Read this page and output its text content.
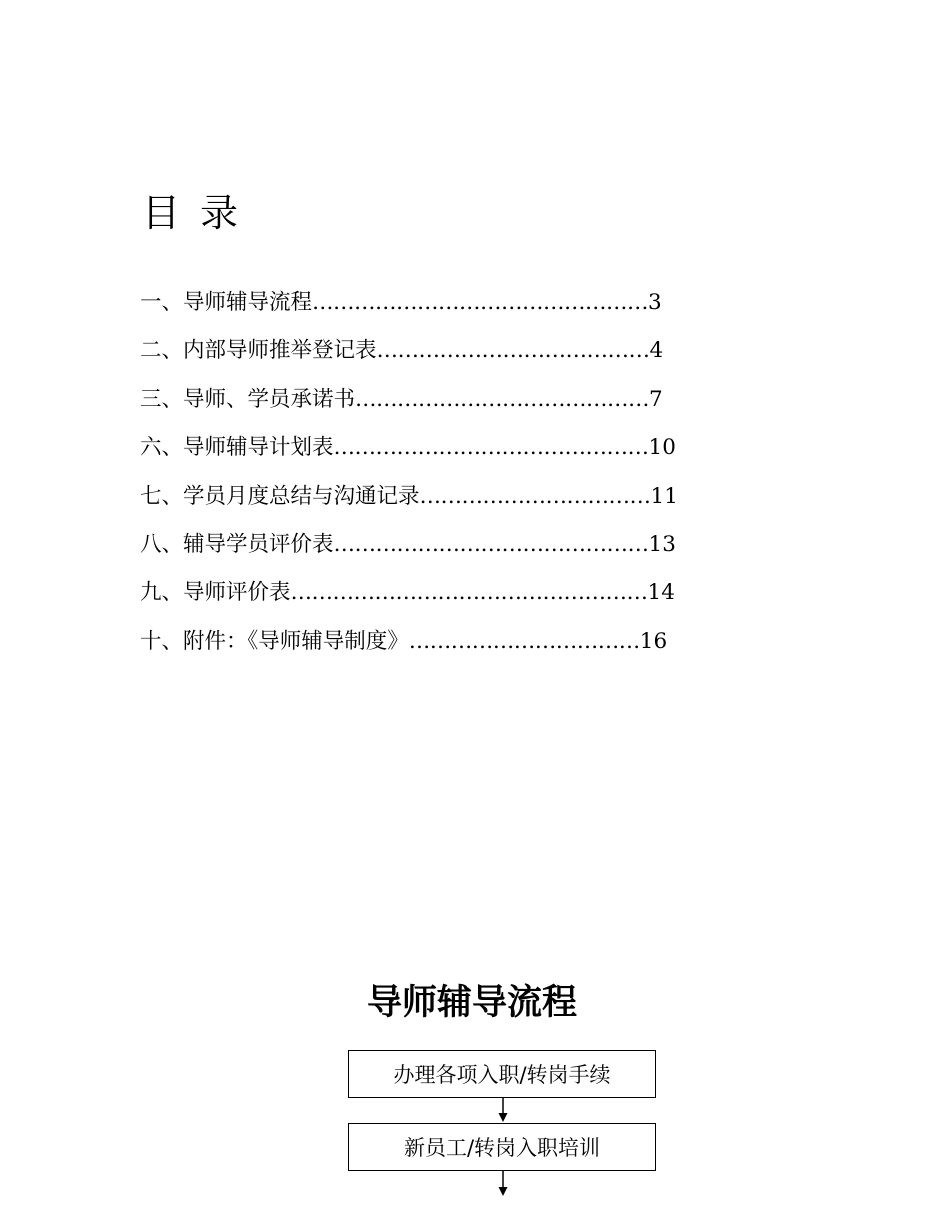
目录
一、导师辅导流程…………………………………………3
二、内部导师推举登记表…………………………………4
三、导师、学员承诺书……………………………………7
六、导师辅导计划表………………………………………10
七、学员月度总结与沟通记录……………………………11
八、辅导学员评价表………………………………………13
九、导师评价表……………………………………………14
十、附件：《导师辅导制度》……………………………16
导师辅导流程
办理各项入职/转岗手续
新员工/转岗入职培训
